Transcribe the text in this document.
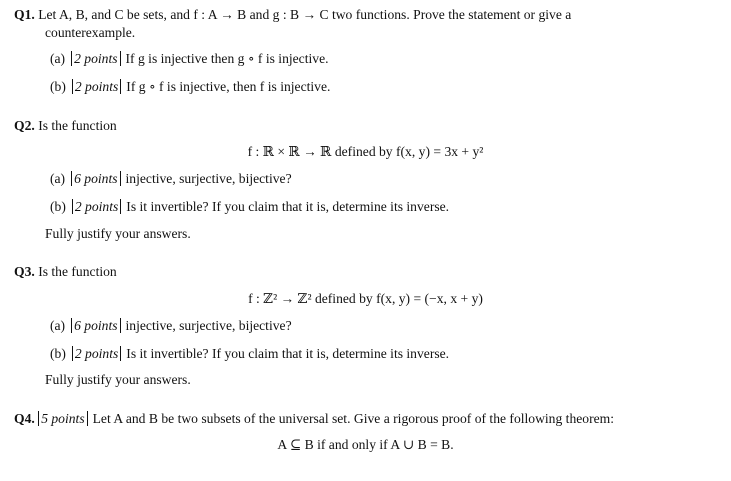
Q1. Let A, B, and C be sets, and f : A → B and g : B → C two functions. Prove the statement or give a
counterexample.
(a) 2 points If g is injective then g ∘ f is injective.
(b) 2 points If g ∘ f is injective, then f is injective.
Q2. Is the function
f : ℝ × ℝ → ℝ defined by f(x, y) = 3x + y²
(a) 6 points injective, surjective, bijective?
(b) 2 points Is it invertible? If you claim that it is, determine its inverse.
Fully justify your answers.
Q3. Is the function
f : ℤ² → ℤ² defined by f(x, y) = (−x, x + y)
(a) 6 points injective, surjective, bijective?
(b) 2 points Is it invertible? If you claim that it is, determine its inverse.
Fully justify your answers.
Q4. 5 points Let A and B be two subsets of the universal set. Give a rigorous proof of the following theorem:
A ⊆ B if and only if A ∪ B = B.
